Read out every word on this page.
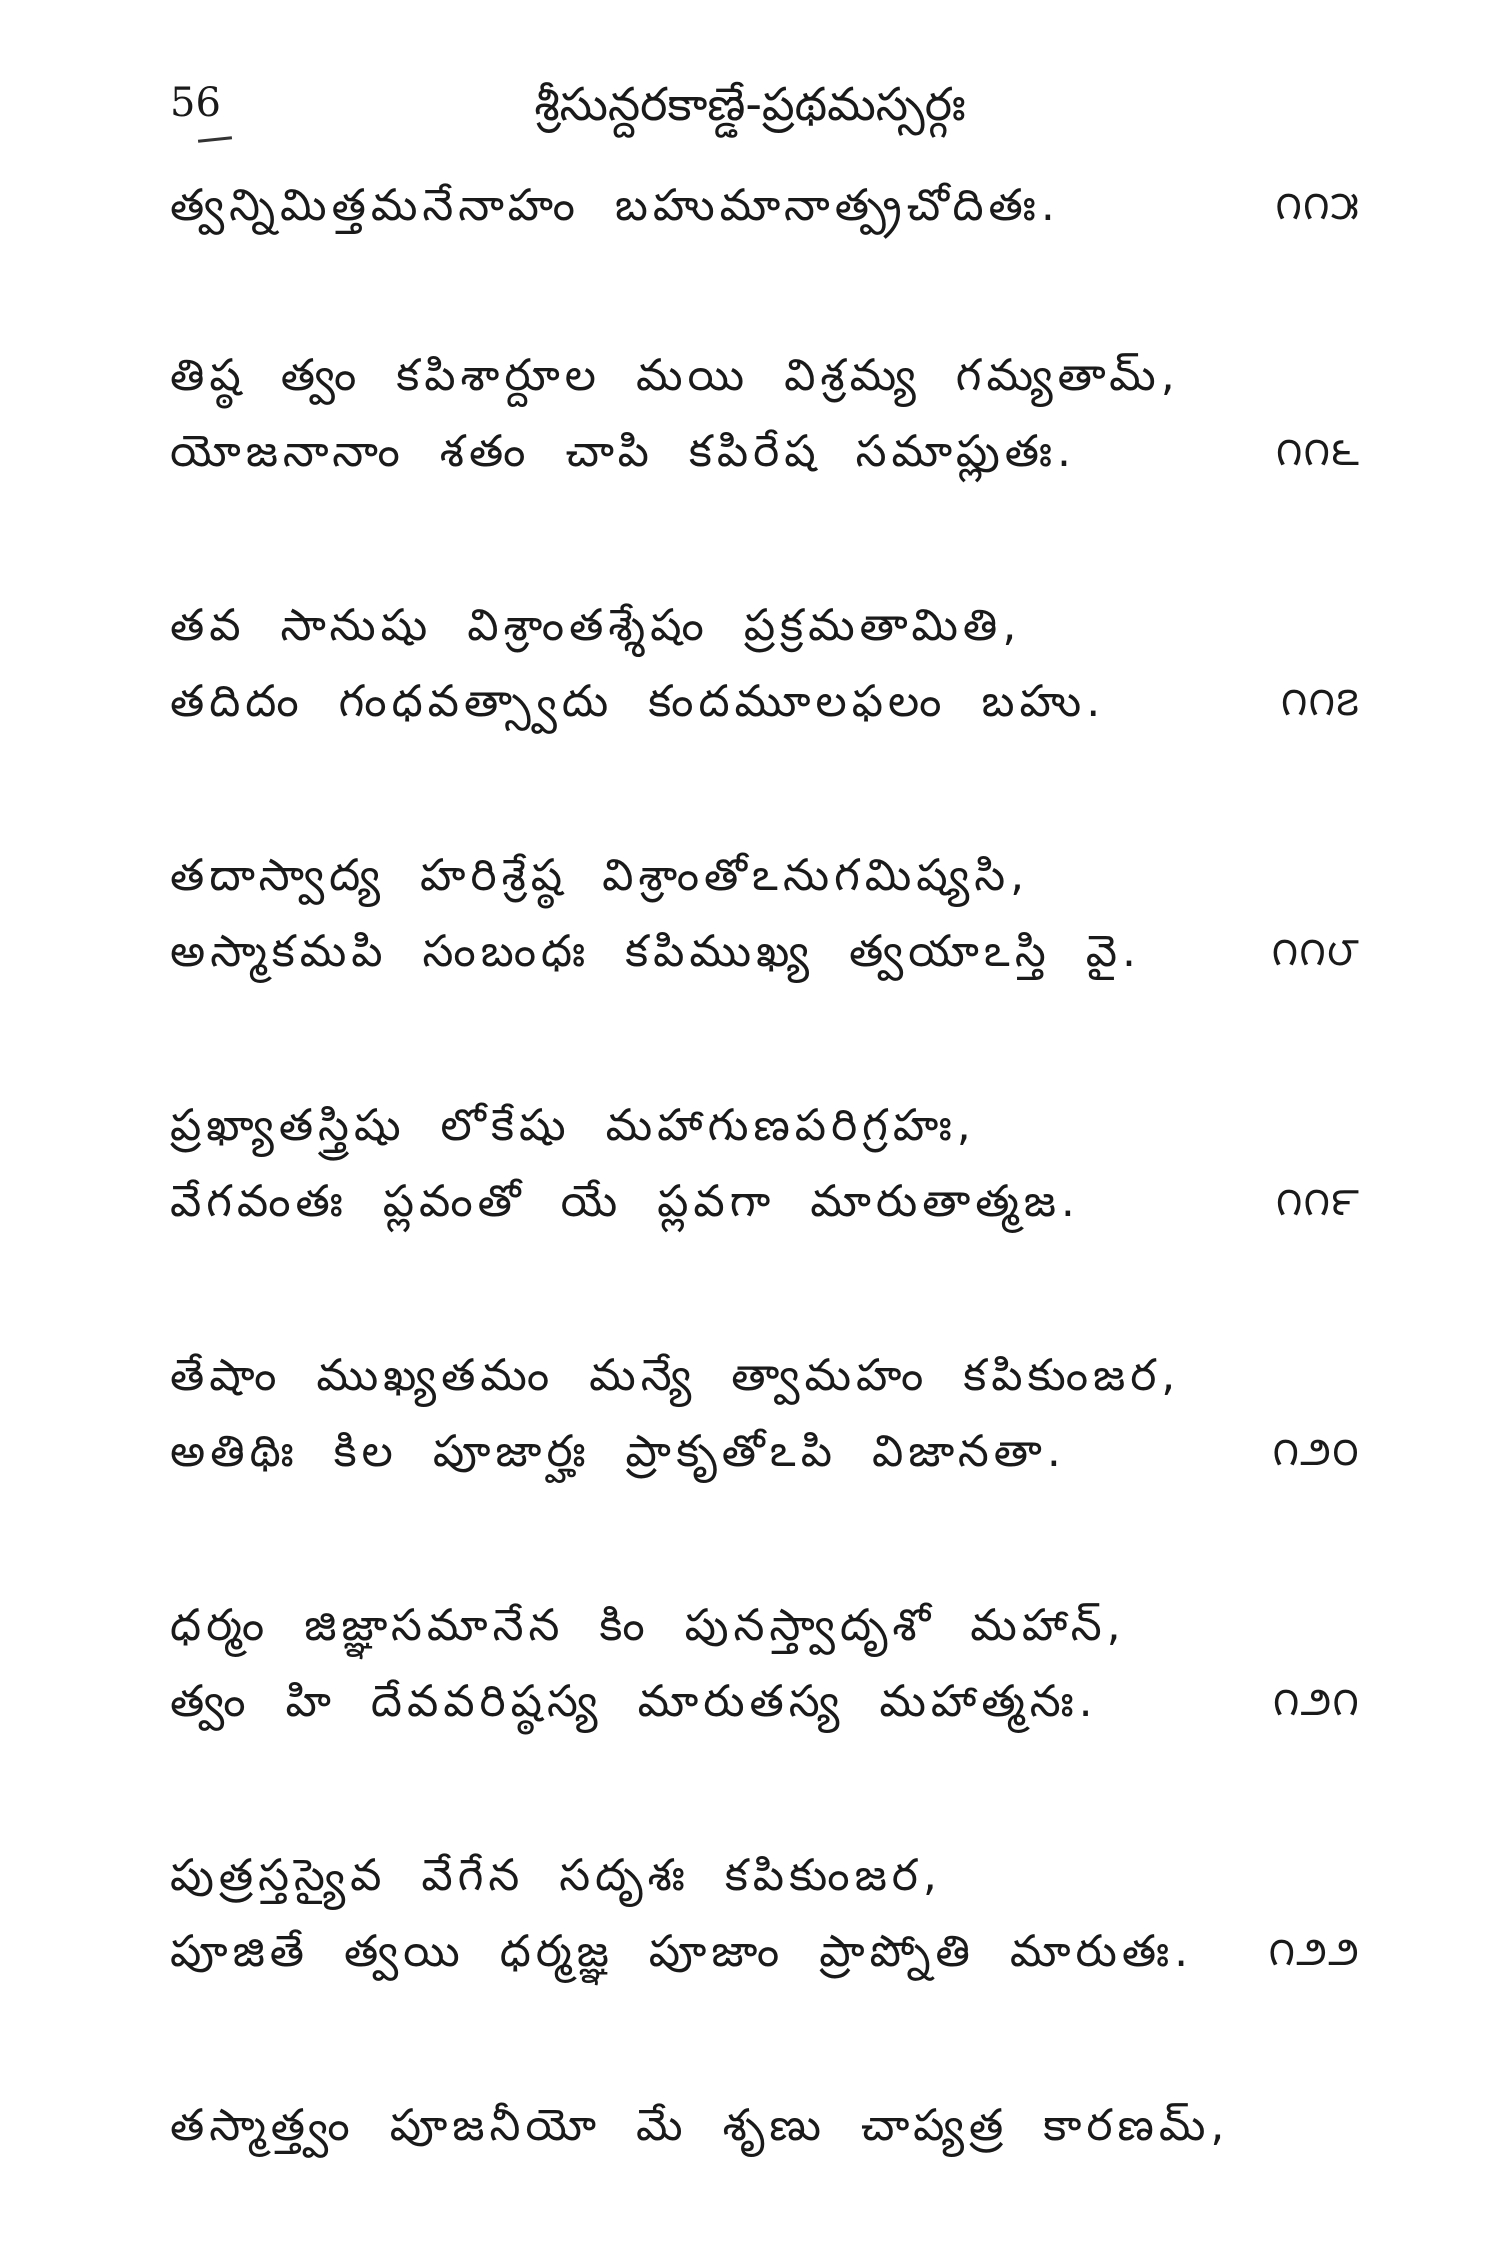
56	శ్రీసున్దరకాణ్డే-ప్రథమస్సర్గః
త్వన్నిమిత్తమనేనాహం బహుమానాత్ప్రచోదితః.	౧౧౫
తిష్ఠ త్వం కపిశార్దూల మయి విశ్రమ్య గమ్యతామ్,
యోజనానాం శతం చాపి కపిరేష సమాప్లుతః.	౧౧౬
తవ సానుషు విశ్రాంతశ్శేషం ప్రక్రమతామితి,
తదిదం గంధవత్స్వాదు కందమూలఫలం బహు.	౧౧౭
తదాస్వాద్య హరిశ్రేష్ఠ విశ్రాంతోఽనుగమిష్యసి,
అస్మాకమపి సంబంధః కపిముఖ్య త్వయాఽస్తి వై.	౧౧౮
ప్రఖ్యాతస్త్రిషు లోకేషు మహాగుణపరిగ్రహః,
వేగవంతః ప్లవంతో యే ప్లవగా మారుతాత్మజ.	౧౧౯
తేషాం ముఖ్యతమం మన్యే త్వామహం కపికుంజర,
అతిథిః కిల పూజార్హః ప్రాకృతోఽపి విజానతా.	౧౨౦
ధర్మం జిజ్ఞాసమానేన కిం పునస్త్వాదృశో మహాన్,
త్వం హి దేవవరిష్ఠస్య మారుతస్య మహాత్మనః.	౧౨౧
పుత్రస్తస్యైవ వేగేన సదృశః కపికుంజర,
పూజితే త్వయి ధర్మజ్ఞ పూజాం ప్రాప్నోతి మారుతః. ౧౨౨
తస్మాత్త్వం పూజనీయో మే శృణు చాప్యత్ర కారణమ్,
